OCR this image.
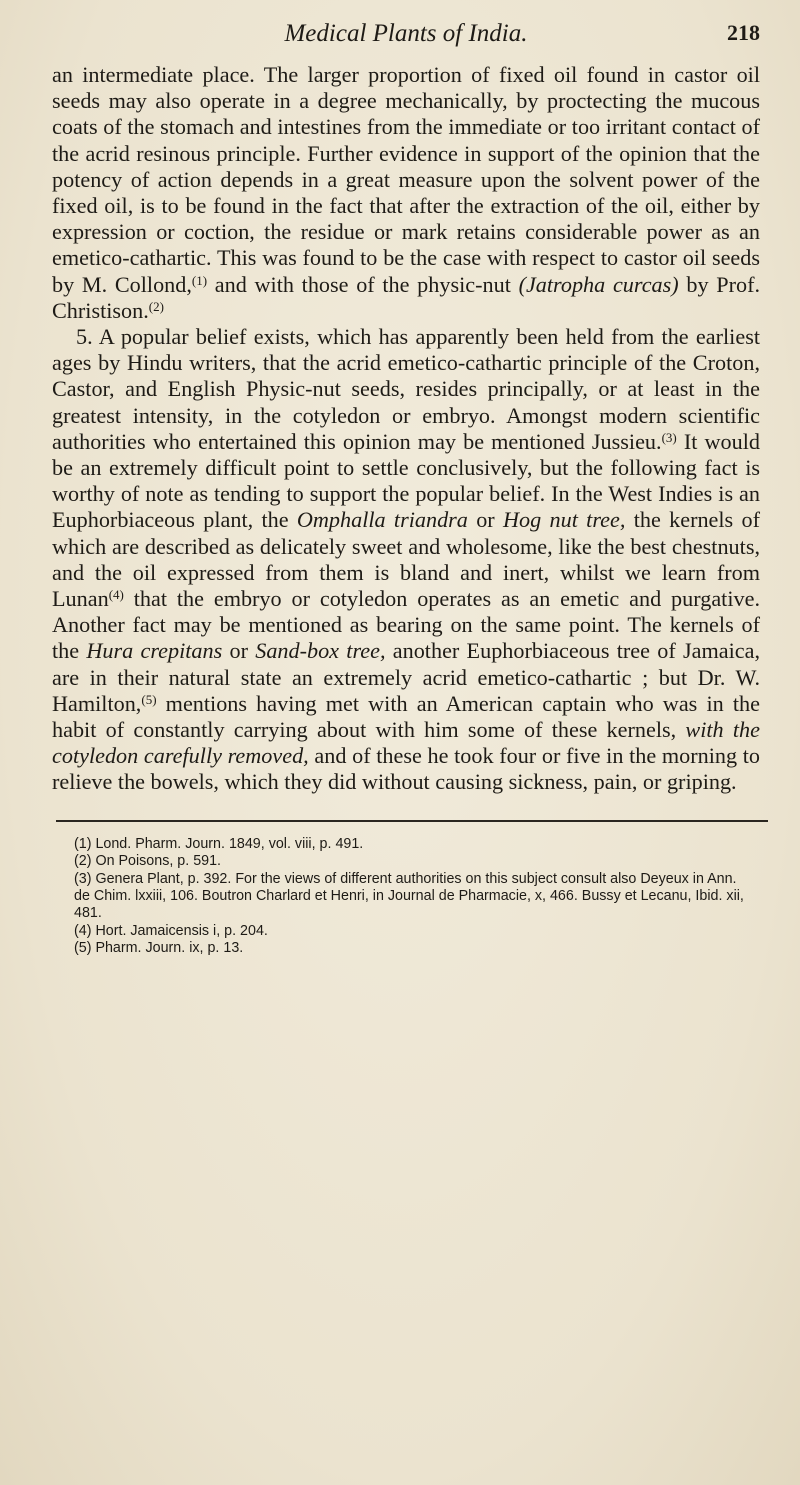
Medical Plants of India.	218

an intermediate place. The larger proportion of fixed oil found in castor oil seeds may also operate in a degree mechanically, by proctecting the mucous coats of the stomach and intestines from the immediate or too irritant contact of the acrid resinous principle. Further evidence in support of the opinion that the potency of action depends in a great measure upon the solvent power of the fixed oil, is to be found in the fact that after the extraction of the oil, either by expression or coction, the residue or mark retains considerable power as an emetico-cathartic. This was found to be the case with respect to castor oil seeds by M. Collond,$^{(1)}$ and with those of the physic-nut (Jatropha curcas) by Prof. Christison.$^{(2)}$

5. A popular belief exists, which has apparently been held from the earliest ages by Hindu writers, that the acrid emetico-cathartic principle of the Croton, Castor, and English Physic-nut seeds, resides principally, or at least in the greatest intensity, in the cotyledon or embryo. Amongst modern scientific authorities who entertained this opinion may be mentioned Jussieu.$^{(3)}$ It would be an extremely difficult point to settle conclusively, but the following fact is worthy of note as tending to support the popular belief. In the West Indies is an Euphorbiaceous plant, the Omphalla triandra or Hog nut tree, the kernels of which are described as delicately sweet and wholesome, like the best chestnuts, and the oil expressed from them is bland and inert, whilst we learn from Lunan$^{(4)}$ that the embryo or cotyledon operates as an emetic and purgative. Another fact may be mentioned as bearing on the same point. The kernels of the Hura crepitans or Sand-box tree, another Euphorbiaceous tree of Jamaica, are in their natural state an extremely acrid emetico-cathartic ; but Dr. W. Hamilton,$^{(5)}$ mentions having met with an American captain who was in the habit of constantly carrying about with him some of these kernels, with the cotyledon carefully removed, and of these he took four or five in the morning to relieve the bowels, which they did without causing sickness, pain, or griping.

(1) Lond. Pharm. Journ. 1849, vol. viii, p. 491.

(2) On Poisons, p. 591.

(3) Genera Plant, p. 392. For the views of different authorities on this subject consult also Deyeux in Ann. de Chim. lxxiii, 106. Boutron Charlard et Henri, in Journal de Pharmacie, x, 466. Bussy et Lecanu, Ibid. xii, 481.

(4) Hort. Jamaicensis i, p. 204.

(5) Pharm. Journ. ix, p. 13.
